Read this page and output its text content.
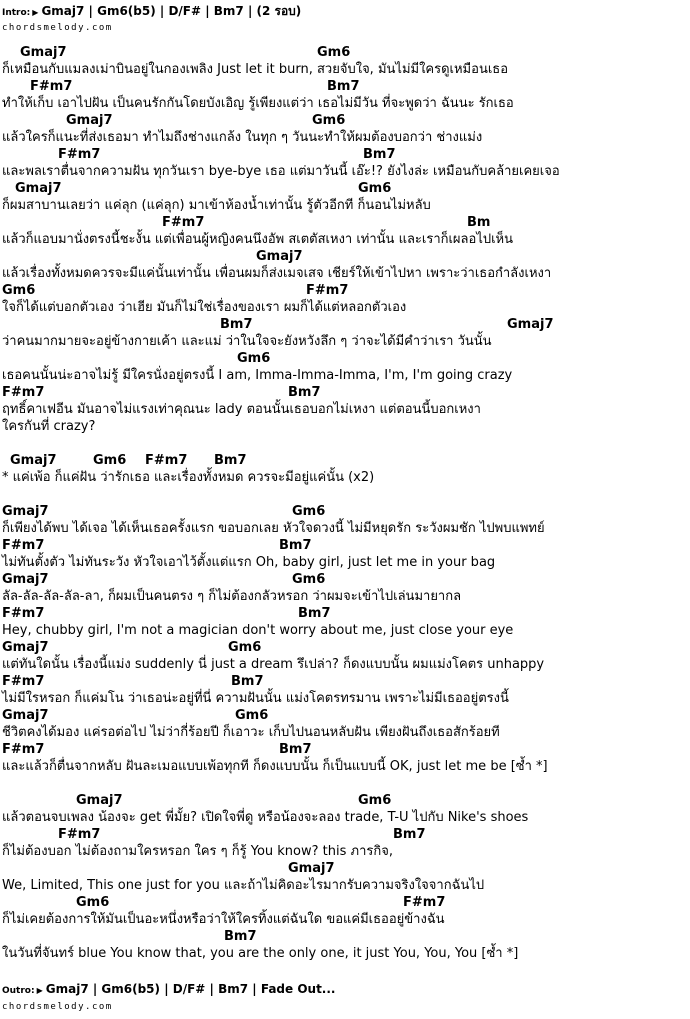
Intro: ▶ Gmaj7 | Gm6(b5) | D/F# | Bm7 | (2 รอบ)
chordsmelody.com
Gmaj7	Gm6
ก็เหมือนกับแมลงเม่าบินอยู่ในกองเพลิง Just let it burn, สวยจับใจ, มันไม่มีใครดูเหมือนเธอ
F#m7	Bm7
ทำให้เก็บ เอาไปฝัน เป็นคนรักกันโดยบังเอิญ รู้เพียงแต่ว่า เธอไม่มีวัน ที่จะพูดว่า ฉันนะ รักเธอ
Gmaj7	Gm6
แล้วใครก็แนะที่ส่งเธอมา ทำไมถึงช่างแกล้ง ในทุก ๆ วันนะทำให้ผมต้องบอกว่า ช่างแม่ง
F#m7	Bm7
และพลเราตื่นจากความฝัน ทุกวันเรา bye-bye เธอ แต่มาวันนี้ เอ๊ะ!? ยังไงล่ะ เหมือนกับคล้ายเคยเจอ
Gmaj7	Gm6
ก็ผมสาบานเลยว่า แค่ลุก (แค่ลุก) มาเข้าห้องน้ำเท่านั้น รู้ตัวอีกที ก็นอนไม่หลับ
F#m7	Bm
แล้วก็แอบมานั่งตรงนี้ชะงั้น แต่เพื่อนผู้หญิงคนนึงอัพ สเตตัสเหงา เท่านั้น และเราก็เผลอไปเห็น
Gmaj7
แล้วเรื่องทั้งหมดควรจะมีแค่นั้นเท่านั้น เพื่อนผมก็ส่งเมจเสจ เชียร์ให้เข้าไปหา เพราะว่าเธอกำลังเหงา
Gm6	F#m7
ใจก็ได้แต่บอกตัวเอง ว่าเฮีย มันก็ไม่ใช่เรื่องของเรา ผมก็ได้แต่หลอกตัวเอง
Bm7	Gmaj7
ว่าคนมากมายจะอยู่ข้างกายเค้า และแม่ ว่าในใจจะยังหวังลึก ๆ ว่าจะได้มีคำว่าเรา วันนั้น
Gm6
เธอคนนั้นน่ะอาจไม่รู้ มีใครนั่งอยู่ตรงนี้ I am, Imma-Imma-Imma, I'm, I'm going crazy
F#m7	Bm7
ฤทธิ์คาเฟอีน มันอาจไม่แรงเท่าคุณนะ lady ตอนนั้นเธอบอกไม่เหงา แต่ตอนนี้บอกเหงา
ใครกันที่ crazy?
Gmaj7	Gm6 F#m7 Bm7
* แค่เพ้อ ก็แค่ฝัน ว่ารักเธอ และเรื่องทั้งหมด ควรจะมีอยู่แค่นั้น (x2)
Gmaj7	Gm6
ก็เพียงได้พบ ได้เจอ ได้เห็นเธอครั้งแรก ขอบอกเลย หัวใจดวงนี้ ไม่มีหยุดรัก ระวังผมชัก ไปพบแพทย์
F#m7	Bm7
ไม่ทันตั้งตัว ไม่ทันระวัง หัวใจเอาไว้ตั้งแต่แรก Oh, baby girl, just let me in your bag
Gmaj7	Gm6
ลัล-ลัล-ลัล-ลัล-ลา, ก็ผมเป็นคนตรง ๆ ก็ไม่ต้องกลัวหรอก ว่าผมจะเข้าไปเล่นมายากล
F#m7	Bm7
Hey, chubby girl, I'm not a magician don't worry about me, just close your eye
Gmaj7	Gm6
แต่ทันใดนั้น เรื่องนี้แม่ง suddenly นี่ just a dream รึเปล่า? ก็ดงแบบนั้น ผมแม่งโคตร unhappy
F#m7	Bm7
ไม่มีใรหรอก ก็แค่มโน ว่าเธอน่ะอยู่ที่นี่ ความฝันนั้น แม่งโคตรทรมาน เพราะไม่มีเธออยู่ตรงนี้
Gmaj7	Gm6
ชีวิตคงได้มอง แค่รอต่อไป ไม่ว่ากี่ร้อยปี ก็เอาวะ เก็บไปนอนหลับฝัน เพียงฝันถึงเธอสักร้อยที
F#m7	Bm7
และแล้วก็ตื่นจากหลับ ฝันละเมอแบบเพ้อทุกที ก็ดงแบบนั้น ก็เป็นแบบนี้ OK, just let me be [ซ้ำ *]
Gmaj7	Gm6
แล้วตอนจบเพลง น้องจะ get พี่มั้ย? เปิดใจพี่ดู หรือน้องจะลอง trade, T-U ไปกับ Nike's shoes
F#m7	Bm7
ก็ไม่ต้องบอก ไม่ต้องถามใครหรอก ใคร ๆ ก็รู้ You know? this ภารกิจ,
Gmaj7
We, Limited, This one just for you และถ้าไม่คิดอะไรมากรับความจริงใจจากฉันไป
Gm6	F#m7
ก็ไม่เคยต้องการให้มันเป็นอะหนึ่งหรือว่าให้ใครทิ้งแต่ฉันใด ขอแค่มีเธออยู่ข้างฉัน
Bm7
ในวันที่จันทร์ blue You know that, you are the only one, it just You, You, You [ซ้ำ *]
Outro: ▶ Gmaj7 | Gm6(b5) | D/F# | Bm7 | Fade Out...
chordsmelody.com
